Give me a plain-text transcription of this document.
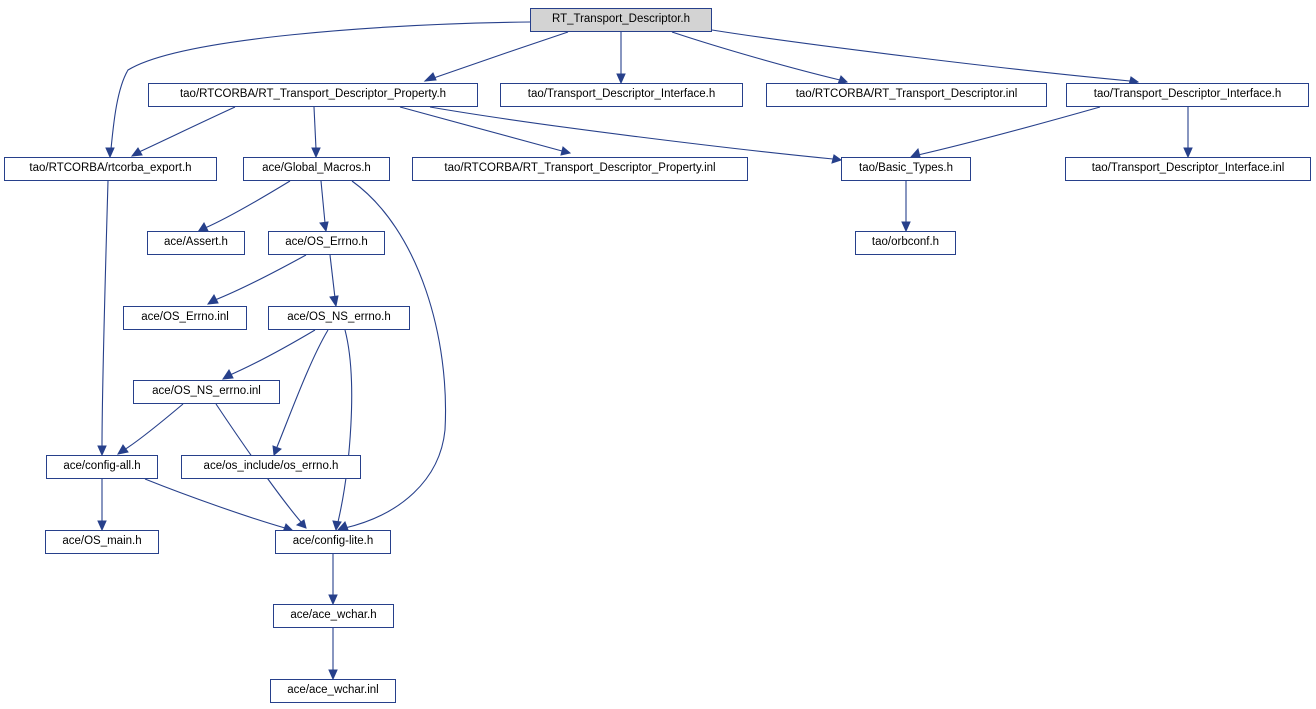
RT_Transport_Descriptor.h
tao/RTCORBA/RT_Transport_Descriptor_Property.h	tao/Transport_Descriptor_Interface.h	tao/RTCORBA/RT_Transport_Descriptor.inl	tao/Transport_Descriptor_Interface.h
tao/RTCORBA/rtcorba_export.h	ace/Global_Macros.h	tao/RTCORBA/RT_Transport_Descriptor_Property.inl	tao/Basic_Types.h	tao/Transport_Descriptor_Interface.inl
ace/Assert.h	ace/OS_Errno.h	tao/orbconf.h
ace/OS_Errno.inl	ace/OS_NS_errno.h
ace/OS_NS_errno.inl
ace/config-all.h	ace/os_include/os_errno.h
ace/OS_main.h	ace/config-lite.h
ace/ace_wchar.h
ace/ace_wchar.inl
